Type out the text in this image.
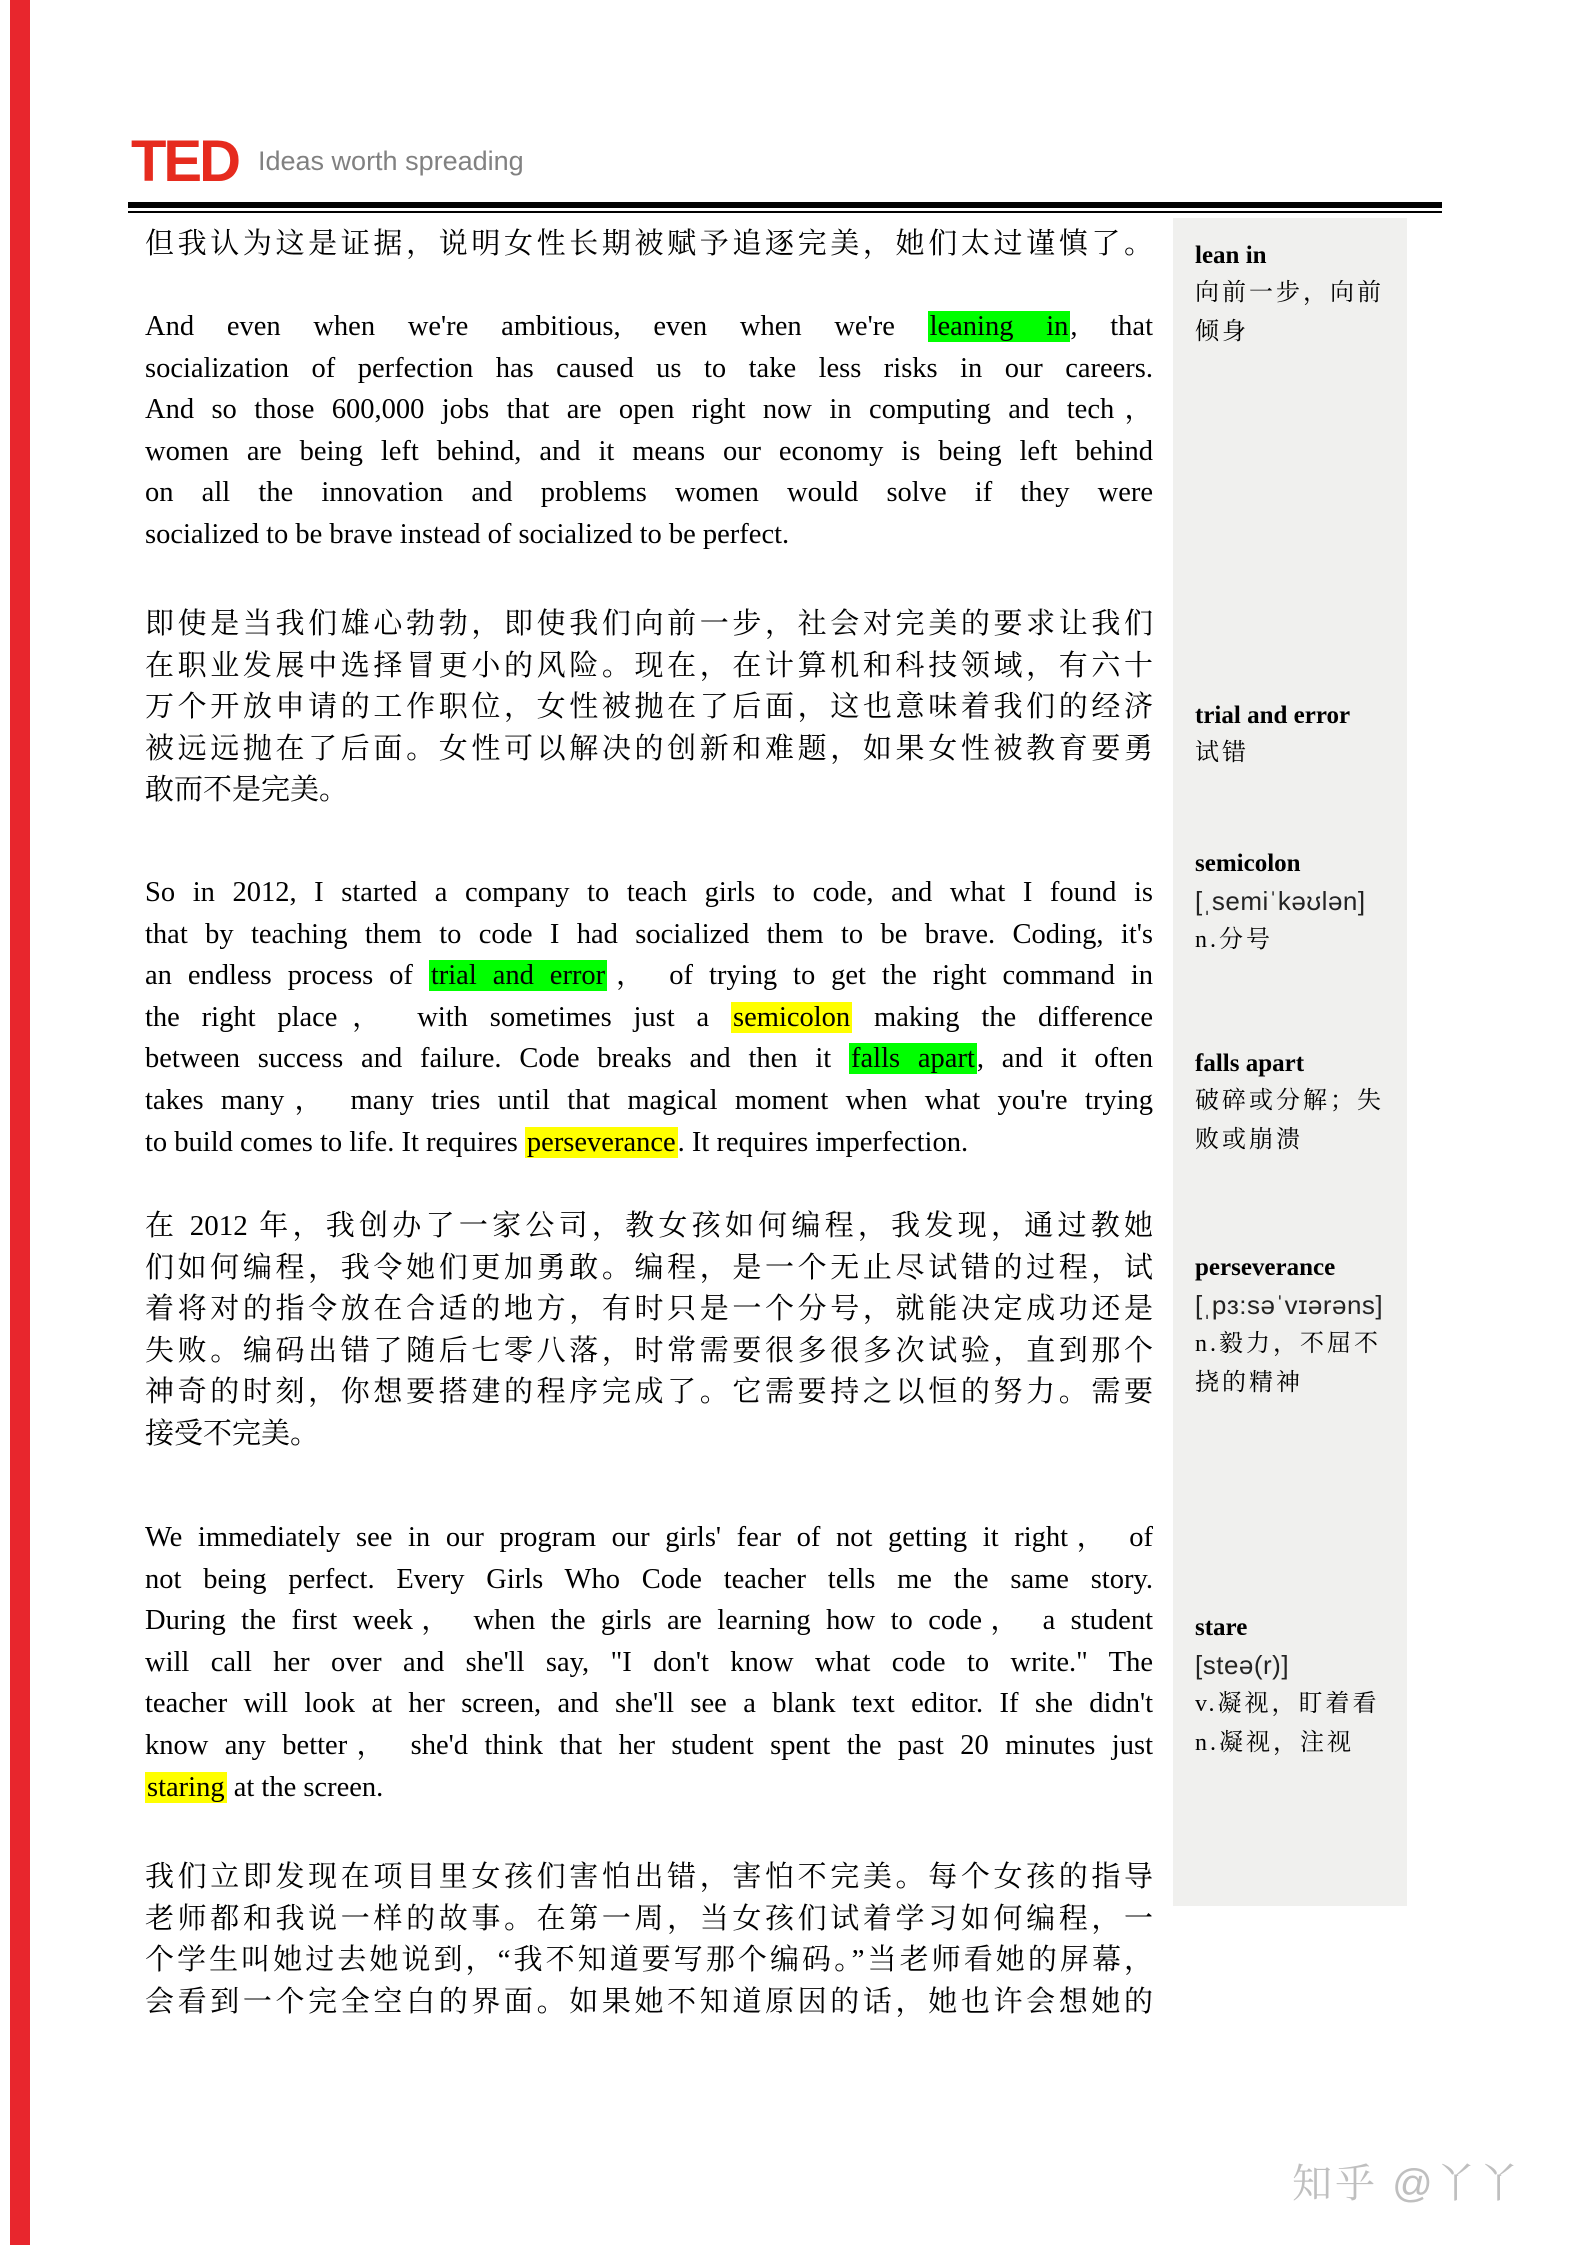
TED Ideas worth spreading
但我认为这是证据，说明女性长期被赋予追逐完美，她们太过谨慎了。
And even when we're ambitious, even when we're leaning in, that
socialization of perfection has caused us to take less risks in our careers.
And so those 600,000 jobs that are open right now in computing and tech，
women are being left behind, and it means our economy is being left behind
on all the innovation and problems women would solve if they were
socialized to be brave instead of socialized to be perfect.
即使是当我们雄心勃勃，即使我们向前一步，社会对完美的要求让我们
在职业发展中选择冒更小的风险。现在，在计算机和科技领域，有六十
万个开放申请的工作职位，女性被抛在了后面，这也意味着我们的经济
被远远抛在了后面。女性可以解决的创新和难题，如果女性被教育要勇
敢而不是完美。
So in 2012, I started a company to teach girls to code, and what I found is
that by teaching them to code I had socialized them to be brave. Coding, it's
an endless process of trial and error， of trying to get the right command in
the right place， with sometimes just a semicolon making the difference
between success and failure. Code breaks and then it falls apart, and it often
takes many， many tries until that magical moment when what you're trying
to build comes to life. It requires perseverance. It requires imperfection.
在 2012 年，我创办了一家公司，教女孩如何编程，我发现，通过教她
们如何编程，我令她们更加勇敢。编程，是一个无止尽试错的过程，试
着将对的指令放在合适的地方，有时只是一个分号，就能决定成功还是
失败。编码出错了随后七零八落，时常需要很多很多次试验，直到那个
神奇的时刻，你想要搭建的程序完成了。它需要持之以恒的努力。需要
接受不完美。
We immediately see in our program our girls' fear of not getting it right， of
not being perfect. Every Girls Who Code teacher tells me the same story.
During the first week， when the girls are learning how to code， a student
will call her over and she'll say, "I don't know what code to write." The
teacher will look at her screen, and she'll see a blank text editor. If she didn't
know any better， she'd think that her student spent the past 20 minutes just
staring at the screen.
我们立即发现在项目里女孩们害怕出错，害怕不完美。每个女孩的指导
老师都和我说一样的故事。在第一周，当女孩们试着学习如何编程，一
个学生叫她过去她说到，“我不知道要写那个编码。”当老师看她的屏幕，
会看到一个完全空白的界面。如果她不知道原因的话，她也许会想她的
lean in
向前一步，向前
倾身
trial and error
试错
semicolon
[ˌsemiˈkəʊlən]
n.分号
falls apart
破碎或分解；失
败或崩溃
perseverance
[ˌpɜ:səˈvɪərəns]
n.毅力，不屈不
挠的精神
stare
[steə(r)]
v.凝视，盯着看
n.凝视，注视
知乎 @丫丫
